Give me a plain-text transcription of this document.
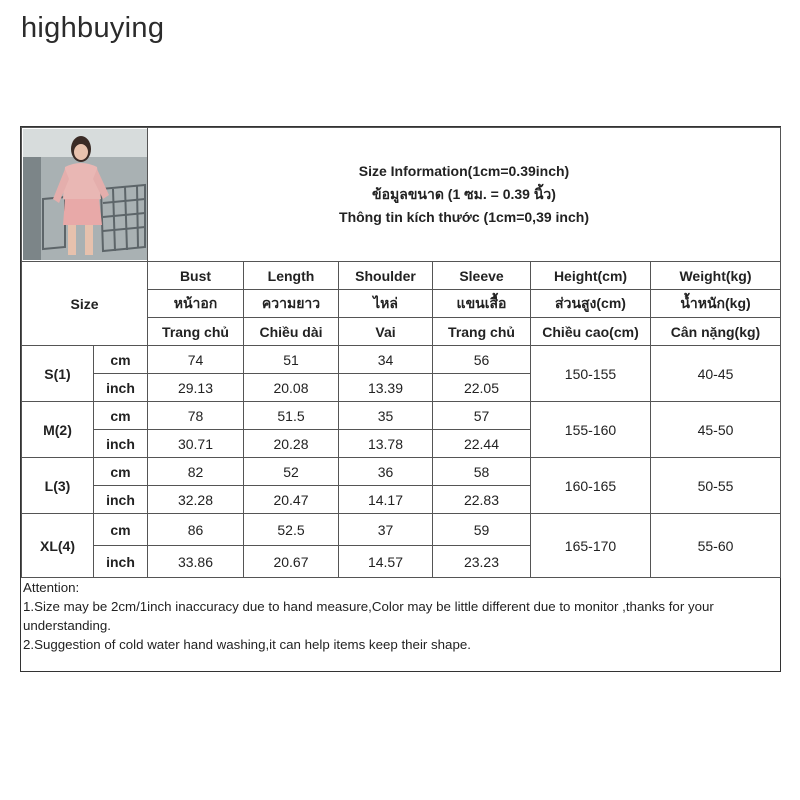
highbuying

Size Information(1cm=0.39inch)
ข้อมูลขนาด (1 ซม. = 0.39 นิ้ว)
Thông tin kích thước (1cm=0,39 inch)					

Size		Bust	Length	Shoulder	Sleeve	Height(cm)	Weight(kg)
		หน้าอก	ความยาว	ไหล่	แขนเสื้อ	ส่วนสูง(cm)	น้ำหนัก(kg)
		Trang chủ	Chiều dài	Vai	Trang chủ	Chiều cao(cm)	Cân nặng(kg)
S(1)	cm	74	51	34	56	150-155	40-45
	inch	29.13	20.08	13.39	22.05		
M(2)	cm	78	51.5	35	57	155-160	45-50
	inch	30.71	20.28	13.78	22.44		
L(3)	cm	82	52	36	58	160-165	50-55
	inch	32.28	20.47	14.17	22.83		
XL(4)	cm	86	52.5	37	59	165-170	55-60
	inch	33.86	20.67	14.57	23.23		
Attention:
1.Size may be 2cm/1inch inaccuracy due to hand measure,Color may be little different due to monitor ,thanks for your understanding.
2.Suggestion of cold water hand washing,it can help items keep their shape.
